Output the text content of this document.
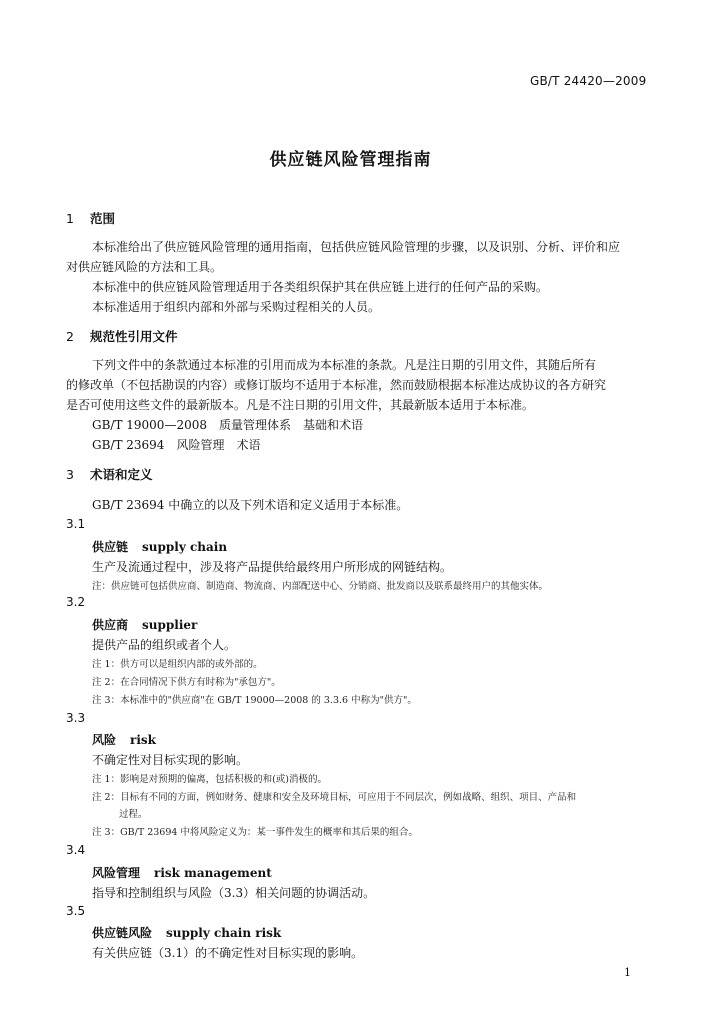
GB/T 24420—2009
供应链风险管理指南
1 范围
本标准给出了供应链风险管理的通用指南，包括供应链风险管理的步骤，以及识别、分析、评价和应
对供应链风险的方法和工具。
本标准中的供应链风险管理适用于各类组织保护其在供应链上进行的任何产品的采购。
本标准适用于组织内部和外部与采购过程相关的人员。
2 规范性引用文件
下列文件中的条款通过本标准的引用而成为本标准的条款。凡是注日期的引用文件，其随后所有
的修改单（不包括勘误的内容）或修订版均不适用于本标准，然而鼓励根据本标准达成协议的各方研究
是否可使用这些文件的最新版本。凡是不注日期的引用文件，其最新版本适用于本标准。
GB/T 19000—2008　质量管理体系　基础和术语
GB/T 23694　风险管理　术语
3 术语和定义
GB/T 23694 中确立的以及下列术语和定义适用于本标准。
3.1
供应链 supply chain
生产及流通过程中，涉及将产品提供给最终用户所形成的网链结构。
注：供应链可包括供应商、制造商、物流商、内部配送中心、分销商、批发商以及联系最终用户的其他实体。
3.2
供应商 supplier
提供产品的组织或者个人。
注 1：供方可以是组织内部的或外部的。
注 2：在合同情况下供方有时称为"承包方"。
注 3：本标准中的"供应商"在 GB/T 19000—2008 的 3.3.6 中称为"供方"。
3.3
风险 risk
不确定性对目标实现的影响。
注 1：影响是对预期的偏离，包括积极的和(或)消极的。
注 2：目标有不同的方面，例如财务、健康和安全及环境目标，可应用于不同层次，例如战略、组织、项目、产品和
过程。
注 3：GB/T 23694 中将风险定义为：某一事件发生的概率和其后果的组合。
3.4
风险管理 risk management
指导和控制组织与风险（3.3）相关问题的协调活动。
3.5
供应链风险 supply chain risk
有关供应链（3.1）的不确定性对目标实现的影响。
1
